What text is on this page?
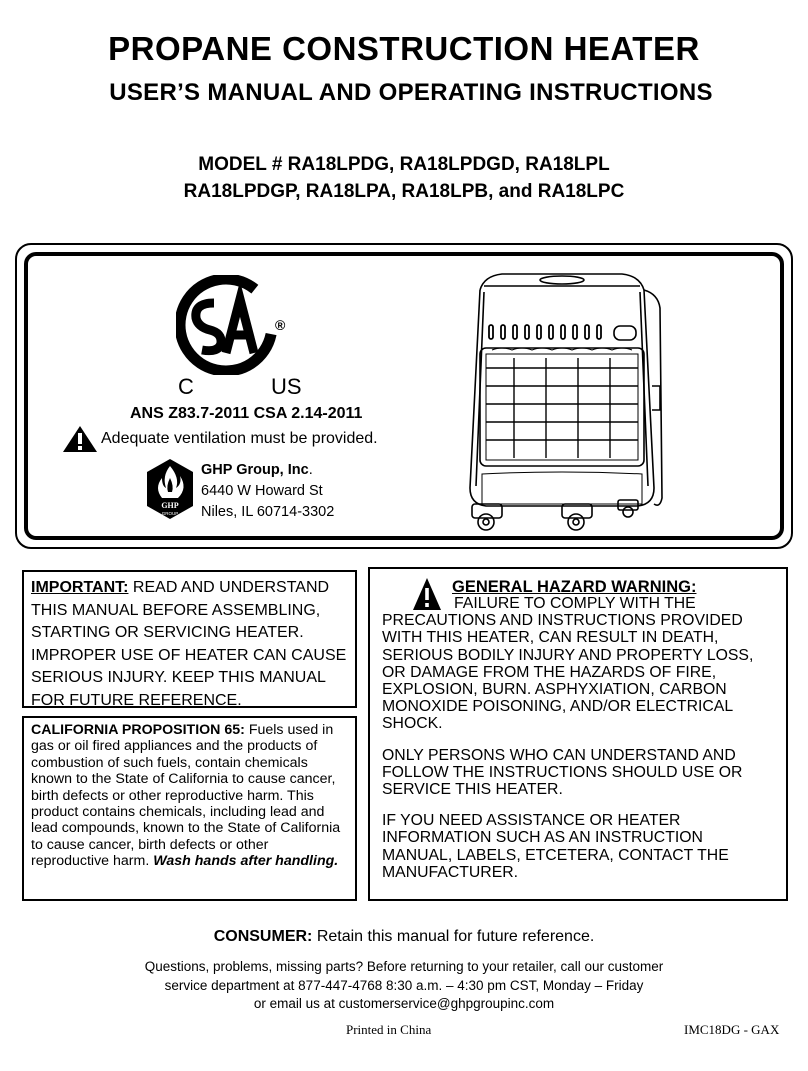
PROPANE CONSTRUCTION HEATER
USER’S MANUAL AND OPERATING INSTRUCTIONS
MODEL # RA18LPDG, RA18LPDGD, RA18LPL
RA18LPDGP, RA18LPA, RA18LPB, and RA18LPC
®
C	US
ANS Z83.7-2011 CSA 2.14-2011
Adequate ventilation must be provided.
GHP
GROUP
GHP Group, Inc.
6440 W Howard St
Niles, IL 60714-3302
IMPORTANT: READ AND UNDERSTAND THIS MANUAL BEFORE ASSEMBLING, STARTING OR SERVICING HEATER. IMPROPER USE OF HEATER CAN CAUSE SERIOUS INJURY. KEEP THIS MANUAL FOR FUTURE REFERENCE.
CALIFORNIA PROPOSITION 65: Fuels used in gas or oil fired appliances and the products of combustion of such fuels, contain chemicals known to the State of California to cause cancer, birth defects or other reproductive harm. This product contains chemicals, including lead and lead compounds, known to the State of California to cause cancer, birth defects or other reproductive harm. Wash hands after handling.
GENERAL HAZARD WARNING:

FAILURE TO COMPLY WITH THE PRECAUTIONS AND INSTRUCTIONS PROVIDED WITH THIS HEATER, CAN RESULT IN DEATH, SERIOUS BODILY INJURY AND PROPERTY LOSS, OR DAMAGE FROM THE HAZARDS OF FIRE, EXPLOSION, BURN. ASPHYXIATION, CARBON MONOXIDE POISONING, AND/OR ELECTRICAL SHOCK.

ONLY PERSONS WHO CAN UNDERSTAND AND FOLLOW THE INSTRUCTIONS SHOULD USE OR SERVICE THIS HEATER.

IF YOU NEED ASSISTANCE OR HEATER INFORMATION SUCH AS AN INSTRUCTION MANUAL, LABELS, ETCETERA, CONTACT THE MANUFACTURER.

CONSUMER: Retain this manual for future reference.
Questions, problems, missing parts? Before returning to your retailer, call our customer
service department at 877-447-4768 8:30 a.m. – 4:30 pm CST, Monday – Friday
or email us at customerservice@ghpgroupinc.com
Printed in China	IMC18DG - GAX
